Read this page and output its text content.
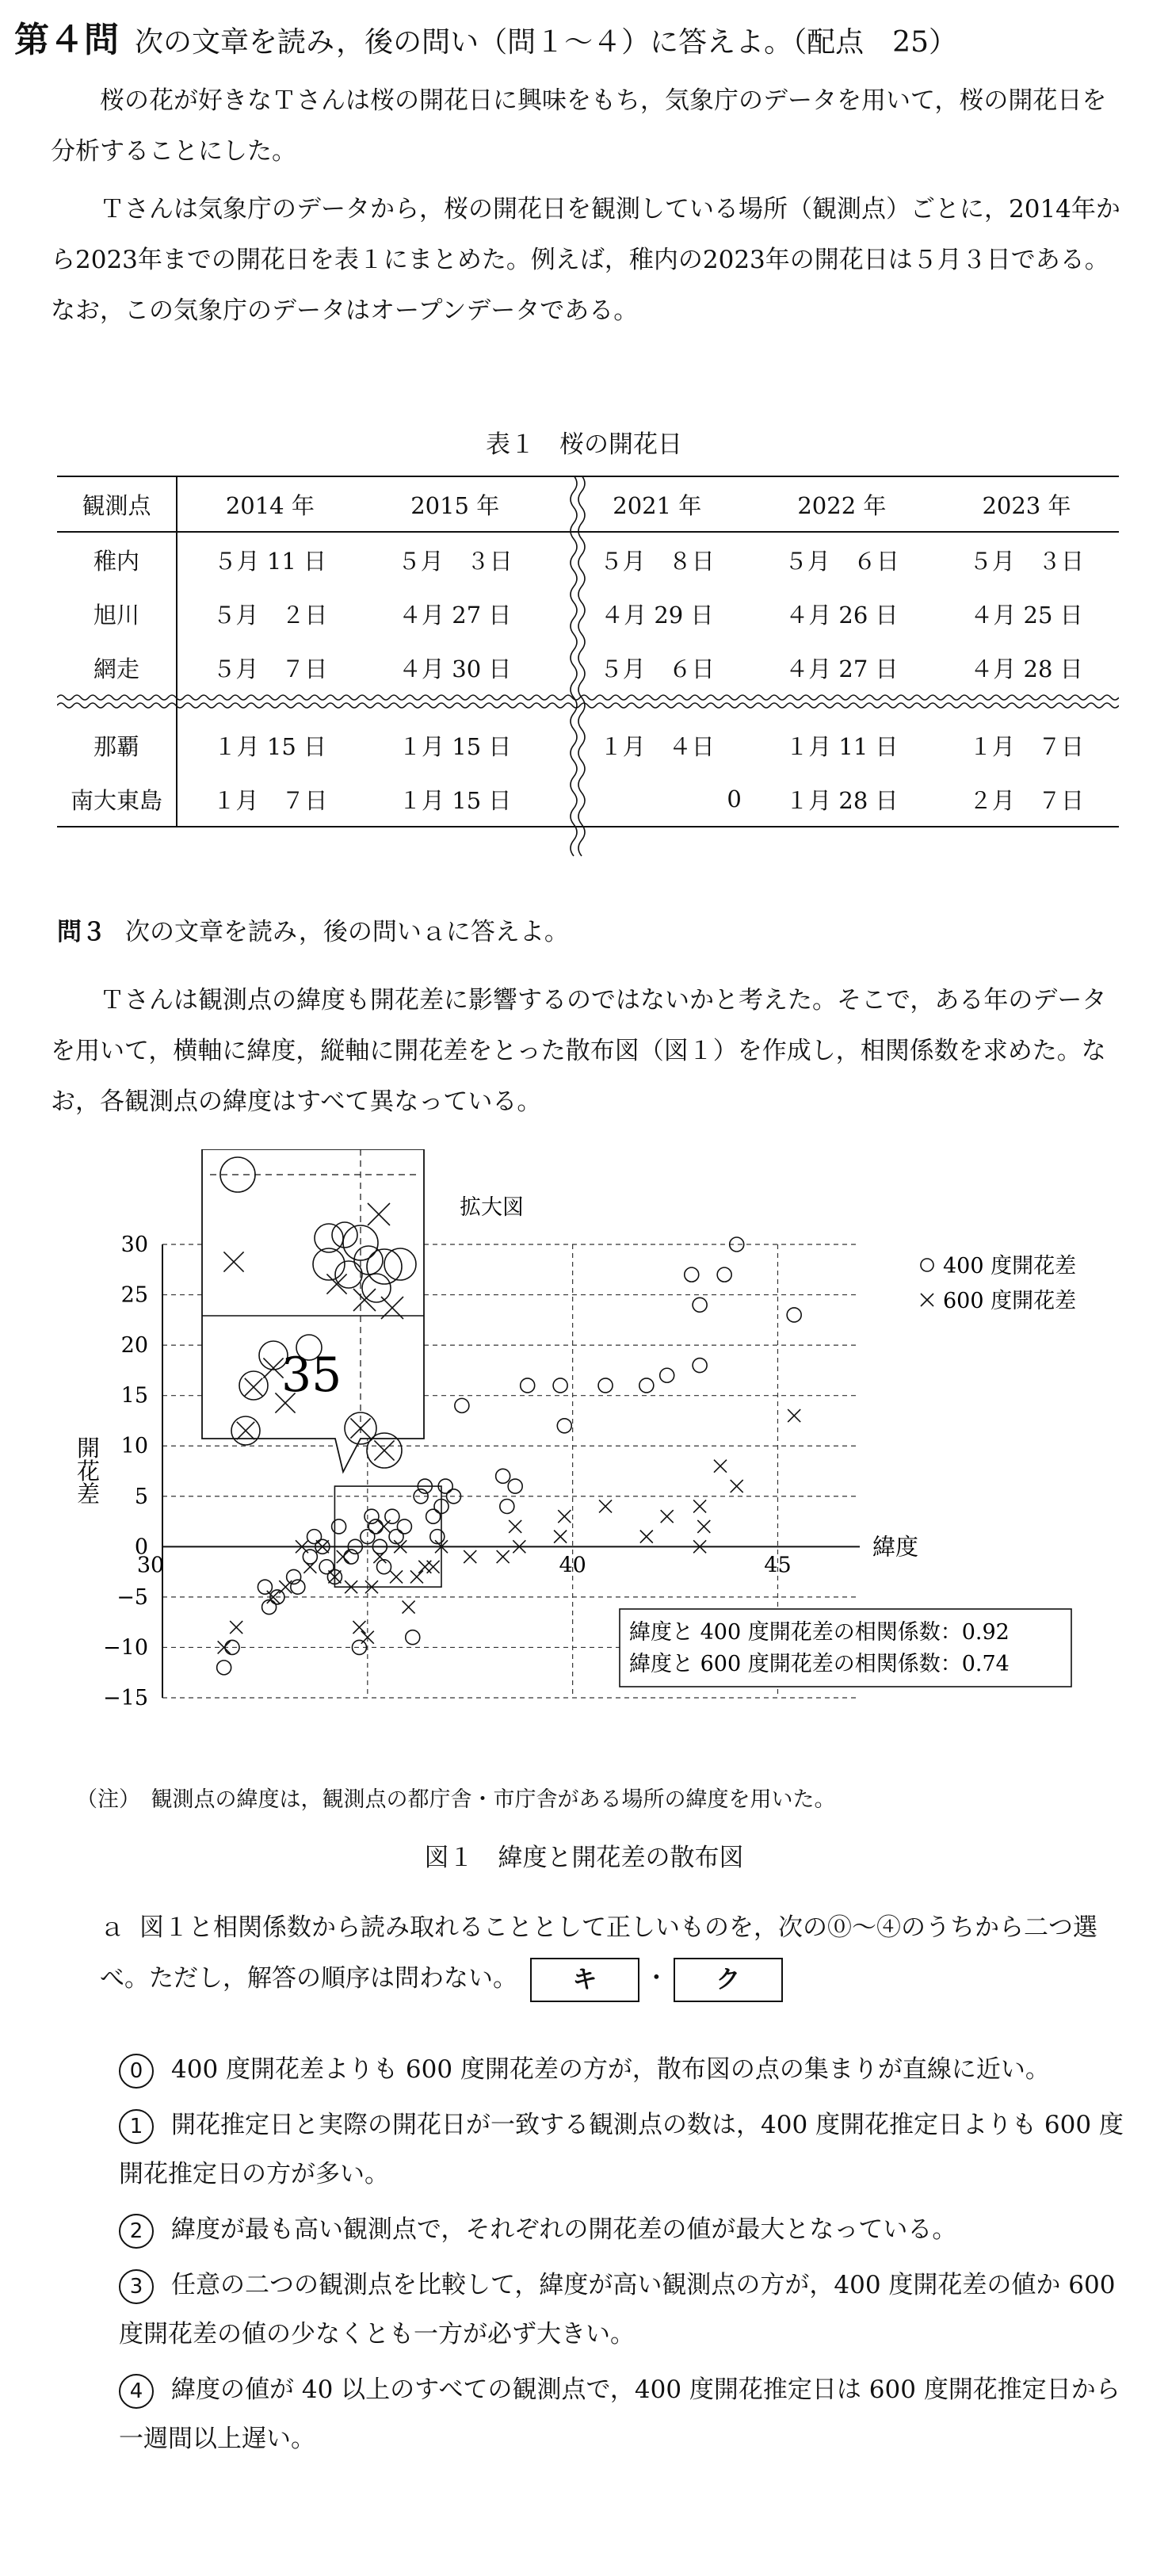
第４問 次の文章を読み，後の問い（問１～４）に答えよ。（配点　25）

桜の花が好きなＴさんは桜の開花日に興味をもち，気象庁のデータを用いて，桜の開花日を分析することにした。

Ｔさんは気象庁のデータから，桜の開花日を観測している場所（観測点）ごとに，2014年から2023年までの開花日を表１にまとめた。例えば，稚内の2023年の開花日は５月３日である。なお，この気象庁のデータはオープンデータである。

表１　桜の開花日
観測点	2014 年	2015 年		2021 年	2022 年	2023 年
稚内	５月 11 日	５月　３日		５月　８日	５月　６日	５月　３日
旭川	５月　２日	４月 27 日		４月 29 日	４月 26 日	４月 25 日
網走	５月　７日	４月 30 日		５月　６日	４月 27 日	４月 28 日

那覇	１月 15 日	１月 15 日		１月　４日	１月 11 日	１月　７日
南大東島	１月　７日	１月 15 日		0	１月 28 日	２月　７日
問３ 次の文章を読み，後の問いａに答えよ。

Ｔさんは観測点の緯度も開花差に影響するのではないかと考えた。そこで，ある年のデータを用いて，横軸に緯度，縦軸に開花差をとった散布図（図１）を作成し，相関係数を求めた。なお，各観測点の緯度はすべて異なっている。

30
25
20
15
10
5
0
−5
−10
−15
30	40	45
緯度
開花差
400 度開花差
600 度開花差
緯度と 400 度開花差の相関係数：0.92
緯度と 600 度開花差の相関係数：0.74
35
拡大図
（注）　観測点の緯度は，観測点の都庁舎・市庁舎がある場所の緯度を用いた。
図１　緯度と開花差の散布図
ａ 図１と相関係数から読み取れることとして正しいものを，次の⓪～④のうちから二つ選べ。ただし，解答の順序は問わない。 キ ・ ク
0 400 度開花差よりも 600 度開花差の方が，散布図の点の集まりが直線に近い。
1 開花推定日と実際の開花日が一致する観測点の数は，400 度開花推定日よりも 600 度開花推定日の方が多い。
2 緯度が最も高い観測点で，それぞれの開花差の値が最大となっている。
3 任意の二つの観測点を比較して，緯度が高い観測点の方が，400 度開花差の値か 600 度開花差の値の少なくとも一方が必ず大きい。
4 緯度の値が 40 以上のすべての観測点で，400 度開花推定日は 600 度開花推定日から一週間以上遅い。
